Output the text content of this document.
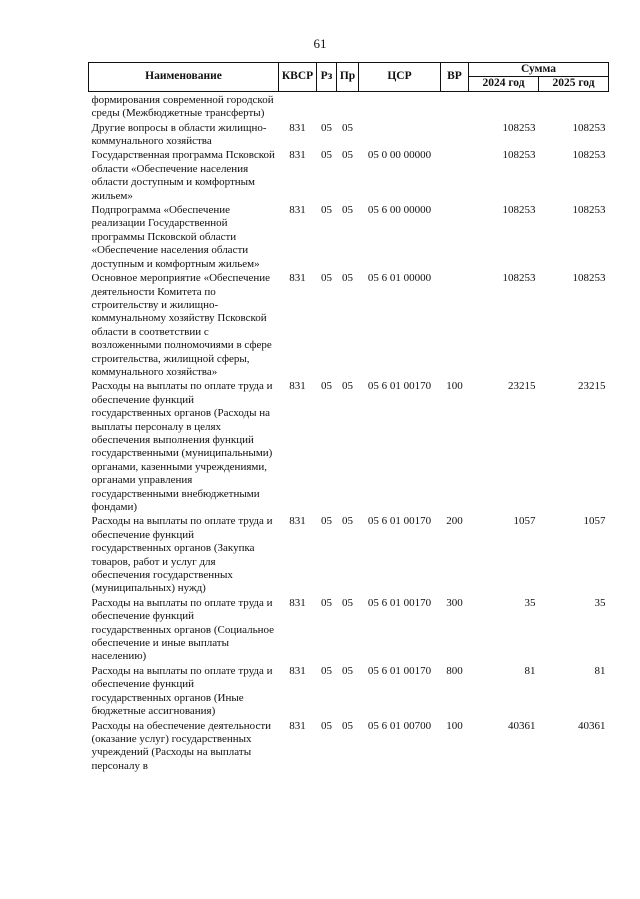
61
Наименование	КВСР	Рз	Пр	ЦСР	ВР	Сумма	
						2024 год	2025 год
формирования современной городской среды (Межбюджетные трансферты)							
Другие вопросы в области жилищно-коммунального хозяйства	831	05	05			108253	108253
Государственная программа Псковской области «Обеспечение населения области доступным и комфортным жильем»	831	05	05	05 0 00 00000		108253	108253
Подпрограмма «Обеспечение реализации Государственной программы Псковской области «Обеспечение населения области доступным и комфортным жильем»	831	05	05	05 6 00 00000		108253	108253
Основное мероприятие «Обеспечение деятельности Комитета по строительству и жилищно-коммунальному хозяйству Псковской области в соответствии с возложенными полномочиями в сфере строительства, жилищной сферы, коммунального хозяйства»	831	05	05	05 6 01 00000		108253	108253
Расходы на выплаты по оплате труда и обеспечение функций государственных органов (Расходы на выплаты персоналу в целях обеспечения выполнения функций государственными (муниципальными) органами, казенными учреждениями, органами управления государственными внебюджетными фондами)	831	05	05	05 6 01 00170	100	23215	23215
Расходы на выплаты по оплате труда и обеспечение функций государственных органов (Закупка товаров, работ и услуг для обеспечения государственных (муниципальных) нужд)	831	05	05	05 6 01 00170	200	1057	1057
Расходы на выплаты по оплате труда и обеспечение функций государственных органов (Социальное обеспечение и иные выплаты населению)	831	05	05	05 6 01 00170	300	35	35
Расходы на выплаты по оплате труда и обеспечение функций государственных органов (Иные бюджетные ассигнования)	831	05	05	05 6 01 00170	800	81	81
Расходы на обеспечение деятельности (оказание услуг) государственных учреждений (Расходы на выплаты персоналу в	831	05	05	05 6 01 00700	100	40361	40361
